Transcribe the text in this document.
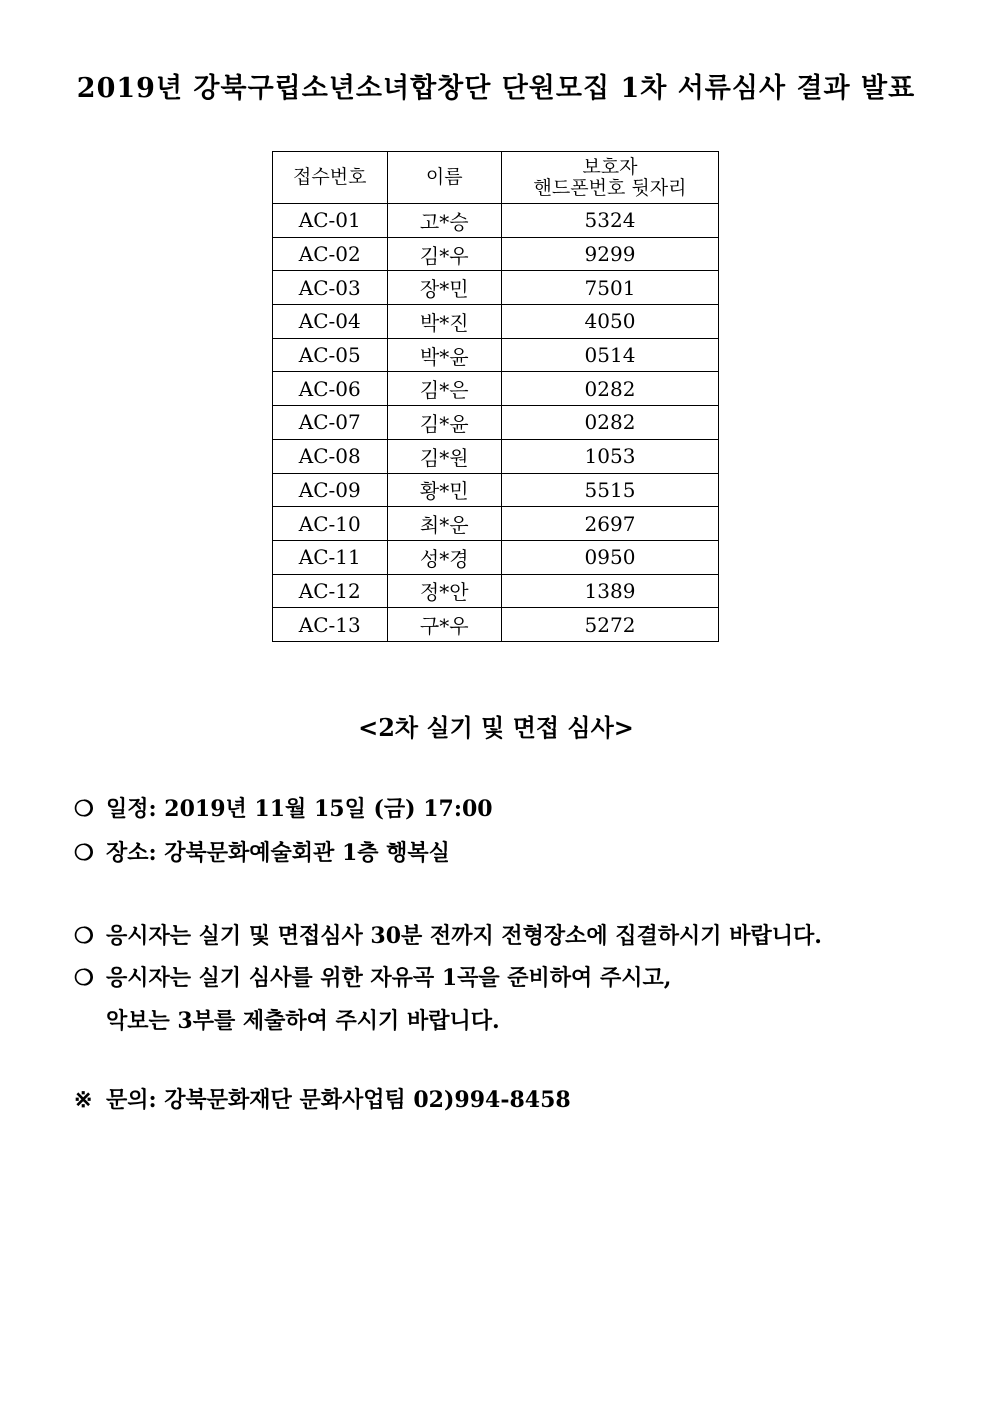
2019년 강북구립소년소녀합창단 단원모집 1차 서류심사 결과 발표
접수번호	이름	보호자
핸드폰번호 뒷자리

AC-01	고*승	5324
AC-02	김*우	9299
AC-03	장*민	7501
AC-04	박*진	4050
AC-05	박*윤	0514
AC-06	김*은	0282
AC-07	김*윤	0282
AC-08	김*원	1053
AC-09	황*민	5515
AC-10	최*운	2697
AC-11	성*경	0950
AC-12	정*안	1389
AC-13	구*우	5272
<2차 실기 및 면접 심사>
❍ 일정: 2019년 11월 15일 (금) 17:00
❍ 장소: 강북문화예술회관 1층 행복실
❍ 응시자는 실기 및 면접심사 30분 전까지 전형장소에 집결하시기 바랍니다.
❍ 응시자는 실기 심사를 위한 자유곡 1곡을 준비하여 주시고,
악보는 3부를 제출하여 주시기 바랍니다.
※ 문의: 강북문화재단 문화사업팀 02)994-8458
